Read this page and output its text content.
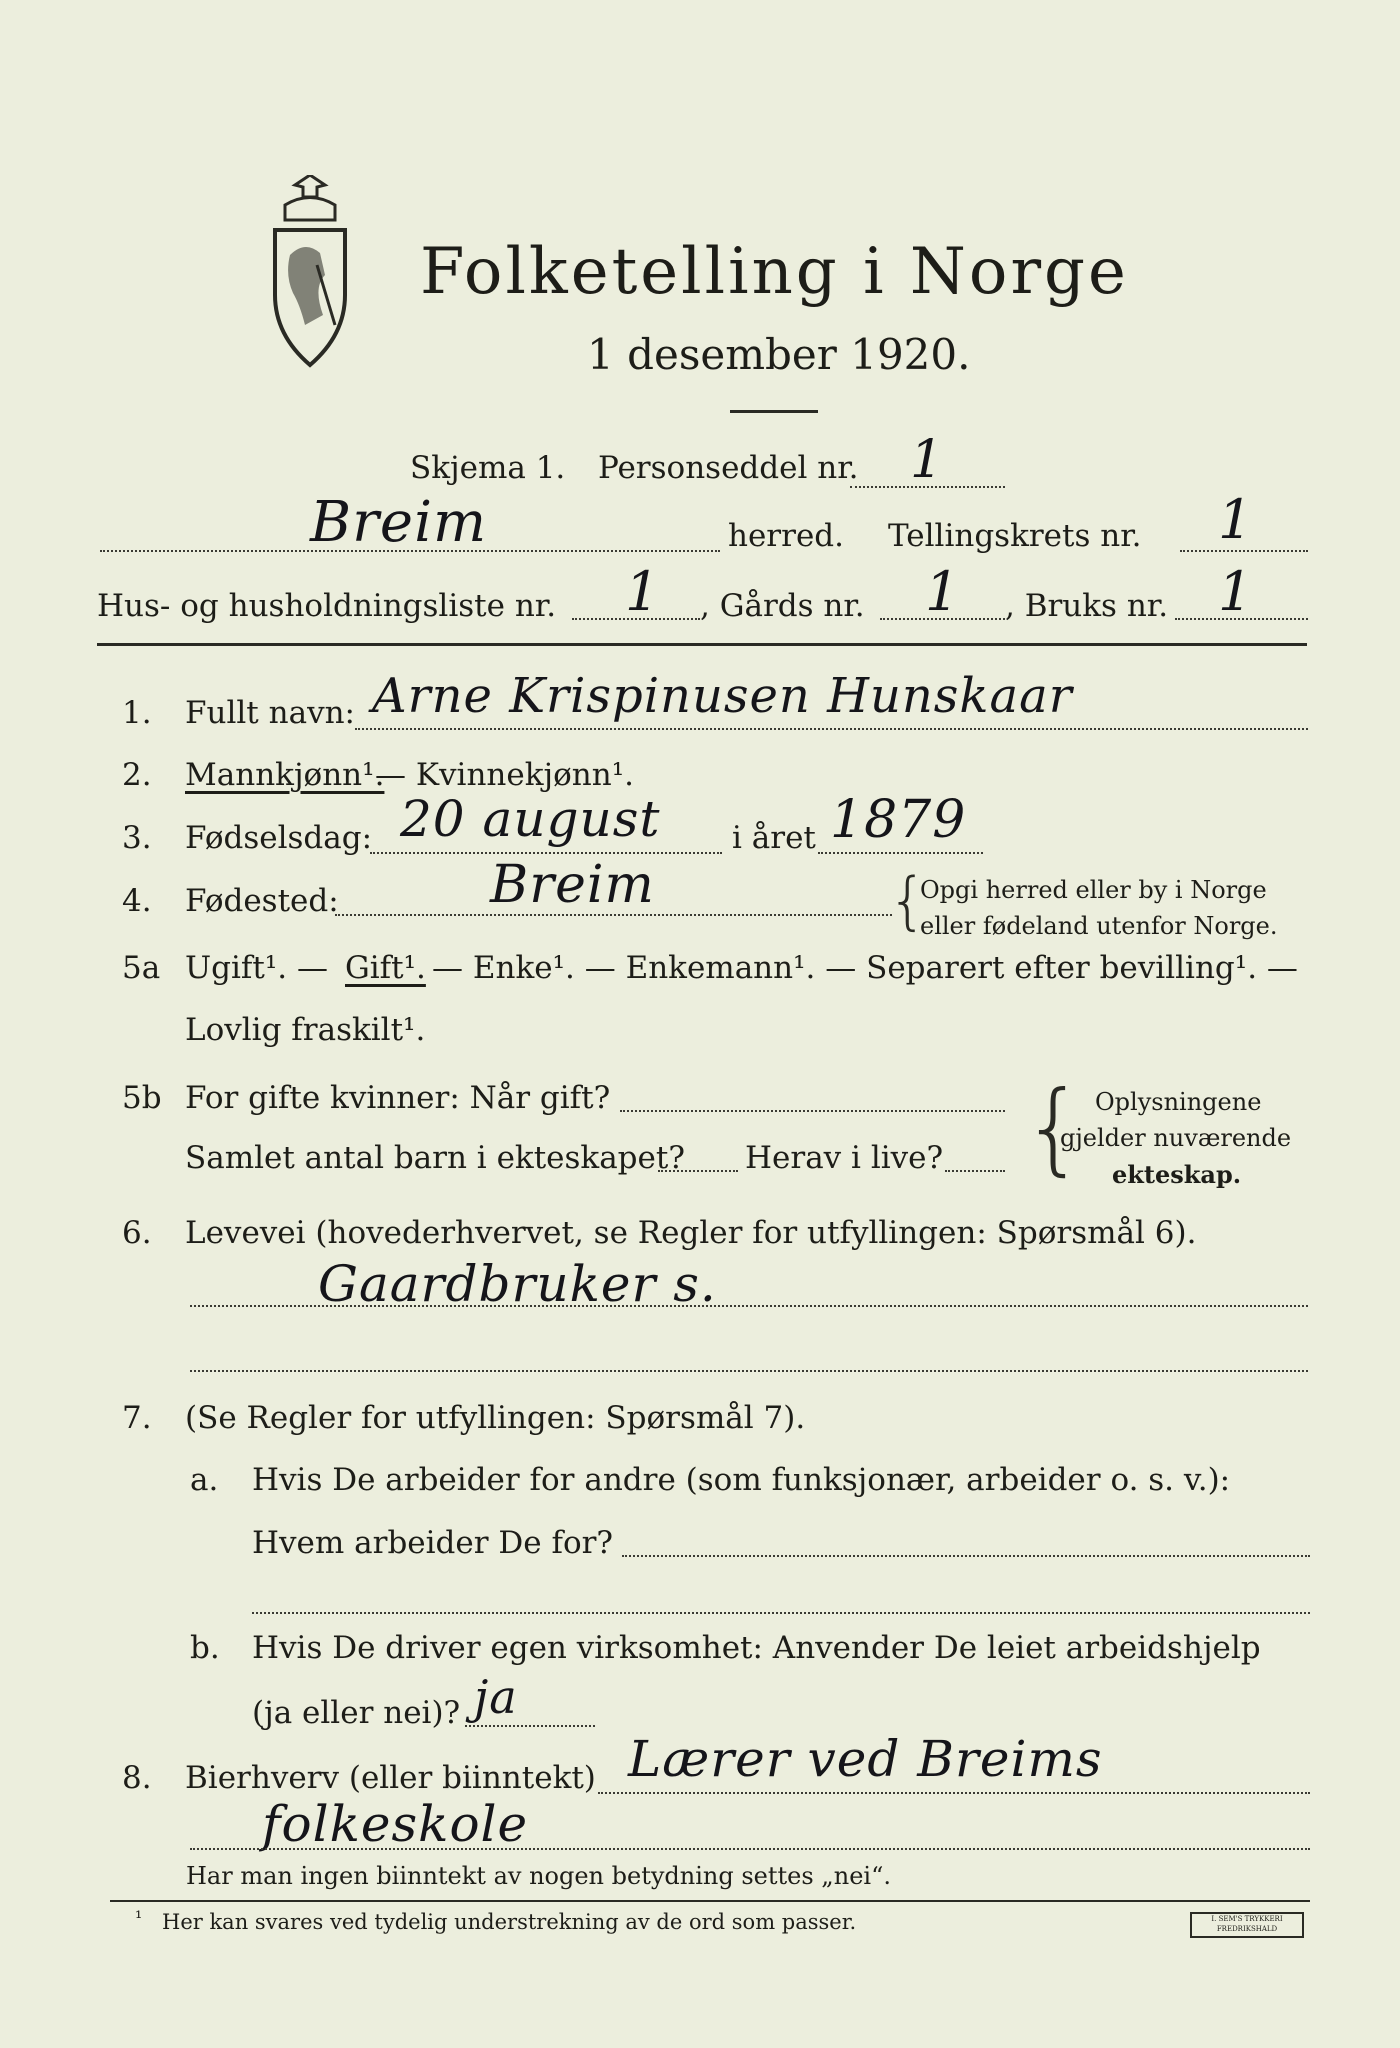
Folketelling i Norge
1 desember 1920.
Skjema 1. Personseddel nr. 1
Breim	herred. Tellingskrets nr. 1
Hus- og husholdningsliste nr. 1 , Gårds nr. 1 , Bruks nr. 1
1. Fullt navn: Arne Krispinusen Hunskaar
2. Mannkjønn¹.
— Kvinnekjønn¹.
3. Fødselsdag: 20 august i året 1879
4. Fødested:	Breim	{
Opgi herred eller by i Norge
eller fødeland utenfor Norge.
5a Ugift¹. — Gift¹. — Enke¹. — Enkemann¹. — Separert efter bevilling¹. —
Lovlig fraskilt¹.
5b For gifte kvinner: Når gift?
Samlet antal barn i ekteskapet? Herav i live? { Oplysningene
gjelder nuværende
ekteskap.
6. Levevei (hovederhvervet, se Regler for utfyllingen: Spørsmål 6).
Gaardbruker s.
7. (Se Regler for utfyllingen: Spørsmål 7).
a. Hvis De arbeider for andre (som funksjonær, arbeider o. s. v.):
Hvem arbeider De for?
b. Hvis De driver egen virksomhet: Anvender De leiet arbeidshjelp
(ja eller nei)? ja
8. Bierhverv (eller biinntekt) Lærer ved Breims
folkeskole
Har man ingen biinntekt av nogen betydning settes „nei“.
¹ Her kan svares ved tydelig understrekning av de ord som passer.	I. SEM'S TRYKKERI FREDRIKSHALD
